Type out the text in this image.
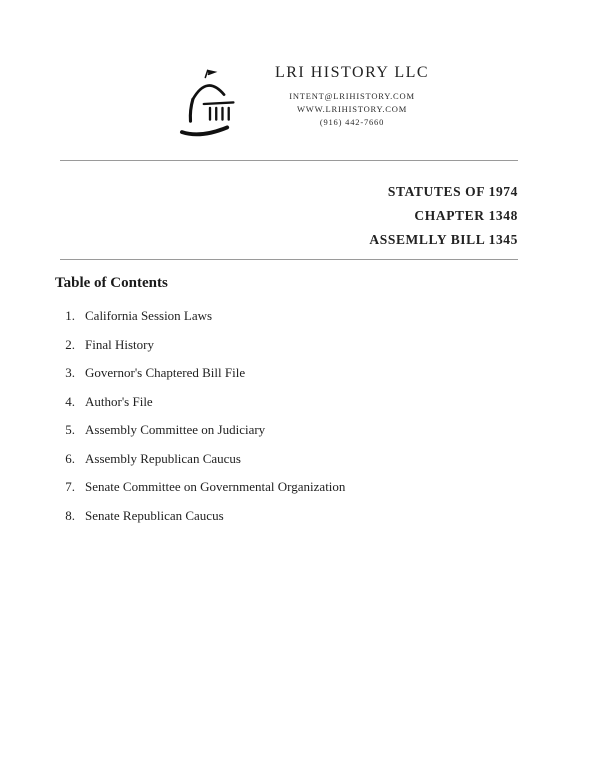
LRI HISTORY LLC
INTENT@LRIHISTORY.COM
WWW.LRIHISTORY.COM
(916) 442-7660
STATUTES OF 1974
CHAPTER 1348
ASSEMLLY BILL 1345
Table of Contents
1. California Session Laws
2. Final History
3. Governor's Chaptered Bill File
4. Author's File
5. Assembly Committee on Judiciary
6. Assembly Republican Caucus
7. Senate Committee on Governmental Organization
8. Senate Republican Caucus
